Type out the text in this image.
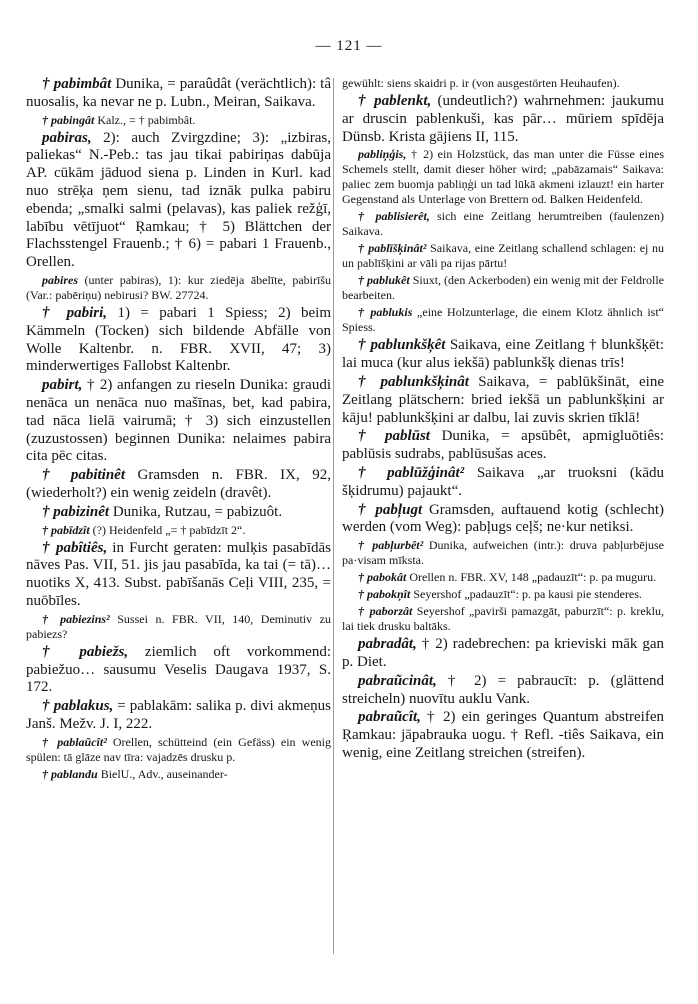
— 121 —

† pabimbât Dunika, = paraûdât (verächtlich): tâ nuosalis, ka nevar ne p. Lubn., Meiran, Saikava.

† pabingât Kalz., = † pabimbât.

pabiras, 2): auch Zvirgzdine; 3): „izbiras, paliekas“ N.-Peb.: tas jau tikai pabiriņas dabūja AP. cūkām jāduod siena p. Linden in Kurl. kad nuo strēķa ņem sienu, tad iznāk pulka pabiru ebenda; „smalki salmi (pelavas), kas paliek režģī, labību vētījuot“ Ŗamkau; † 5) Blättchen der Flachsstengel Frauenb.; † 6) = pabari 1 Frauenb., Orellen.

pabires (unter pabiras), 1): kur ziedēja ābelīte, pabirīšu (Var.: pabēriņu) nebirusi? BW. 27724.

† pabiri, 1) = pabari 1 Spiess; 2) beim Kämmeln (Tocken) sich bildende Abfälle von Wolle Kaltenbr. n. FBR. XVII, 47; 3) minderwertiges Fallobst Kaltenbr.

pabirt, † 2) anfangen zu rieseln Dunika: graudi nenāca un nenāca nuo mašīnas, bet, kad pabira, tad nāca lielā vairumā; † 3) sich einzustellen (zuzustossen) beginnen Dunika: nelaimes pabira cita pēc citas.

† pabitinêt Gramsden n. FBR. IX, 92, (wiederholt?) ein wenig zeideln (dravêt).

† pabizinêt Dunika, Rutzau, = pabizuôt.

† pabīdzît (?) Heidenfeld „= † pabīdzīt 2“.

† pabîtiês, in Furcht geraten: mulķis pasabīdās nāves Pas. VII, 51. jis jau pasabīda, ka tai (= tā)… nuotiks X, 413. Subst. pabīšanās Ceļi VIII, 235, = nuōbīles.

† pabiezins² Sussei n. FBR. VII, 140, Deminutiv zu pabiezs?

† pabiežs, ziemlich oft vorkommend: pabiežuo… sausumu Veselis Daugava 1937, S. 172.

† pablakus, = pablakām: salika p. divi akmeņus Janš. Mežv. J. I, 222.

† pablaũcît² Orellen, schütteind (ein Gefäss) ein wenig spülen: tā glāze nav tīra: vajadzēs drusku p.

† pablandu BielU., Adv., auseinander-

gewühlt: siens skaidri p. ir (von ausgestörten Heuhaufen).

† pablenkt, (undeutlich?) wahrnehmen: jaukumu ar druscin pablenkuši, kas pār… mūriem spīdēja Dünsb. Krista gājiens II, 115.

pabliņģis, † 2) ein Holzstück, das man unter die Füsse eines Schemels stellt, damit dieser höher wird; „pabāzamais“ Saikava: paliec zem buomja pabliņģi un tad lūkā akmeni izlauzt! ein harter Gegenstand als Unterlage von Brettern od. Balken Heidenfeld.

† pablisierêt, sich eine Zeitlang herumtreiben (faulenzen) Saikava.

† pablīšķinât² Saikava, eine Zeitlang schallend schlagen: ej nu un pablīšķini ar vāli pa rijas pārtu!

† pablukêt Siuxt, (den Ackerboden) ein wenig mit der Feldrolle bearbeiten.

† pablukis „eine Holzunterlage, die einem Klotz ähnlich ist“ Spiess.

† pablunkšķêt Saikava, eine Zeitlang † blunkšķēt: lai muca (kur alus iekšā) pablunkšķ dienas trīs!

† pablunkšķinât Saikava, = pablūkšināt, eine Zeitlang plätschern: bried iekšā un pablunkšķini ar kāju! pablunkšķini ar dalbu, lai zuvis skrien tīklā!

† pablūst Dunika, = apsūbêt, apmigluōtiês: pablūsis sudrabs, pablūsušas aces.

† pablūžģinât² Saikava „ar truoksni (kādu šķidrumu) pajaukt“.

† pabļugt Gramsden, auftauend kotig (schlecht) werden (vom Weg): pabļugs ceļš; ne·kur netiksi.

† pabļurbêt² Dunika, aufweichen (intr.): druva pabļurbējuse pa·visam mīksta.

† pabokât Orellen n. FBR. XV, 148 „padauzīt“: p. pa muguru.

† pabokņît Seyershof „padauzīt“: p. pa kausi pie stenderes.

† paborzât Seyershof „pavirši pamazgāt, paburzīt“: p. kreklu, lai tiek drusku baltāks.

pabradât, † 2) radebrechen: pa krieviski māk gan p. Diet.

pabraũcinât, † 2) = pabraucīt: p. (glättend streicheln) nuovītu auklu Vank.

pabraũcît, † 2) ein geringes Quantum abstreifen Ŗamkau: jāpabrauka uogu. † Refl. -tiês Saikava, ein wenig, eine Zeitlang streichen (streifen).
